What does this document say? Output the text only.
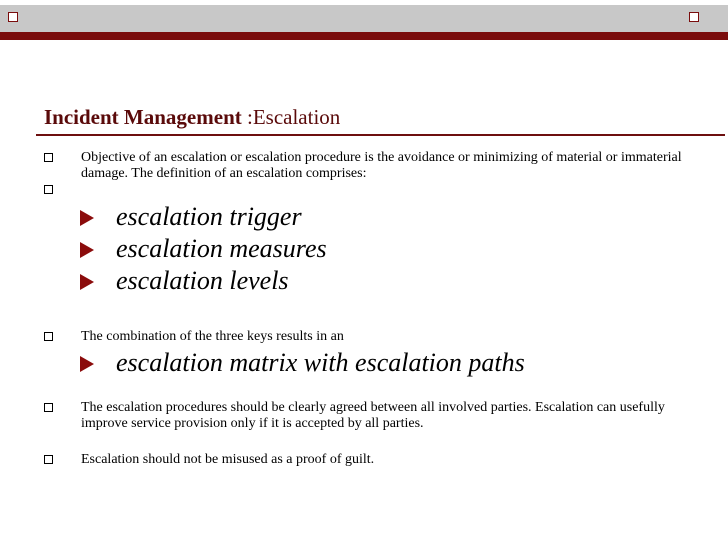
Incident Management :Escalation
Objective of an escalation or escalation procedure is the avoidance or minimizing of material or immaterial damage. The definition of an escalation comprises:
escalation trigger
escalation measures
escalation levels
The combination of the three keys results in an
escalation matrix with escalation paths
The escalation procedures should be clearly agreed between all involved parties. Escalation can usefully improve service provision only if it is accepted by all parties.
Escalation should not be misused as a proof of guilt.
